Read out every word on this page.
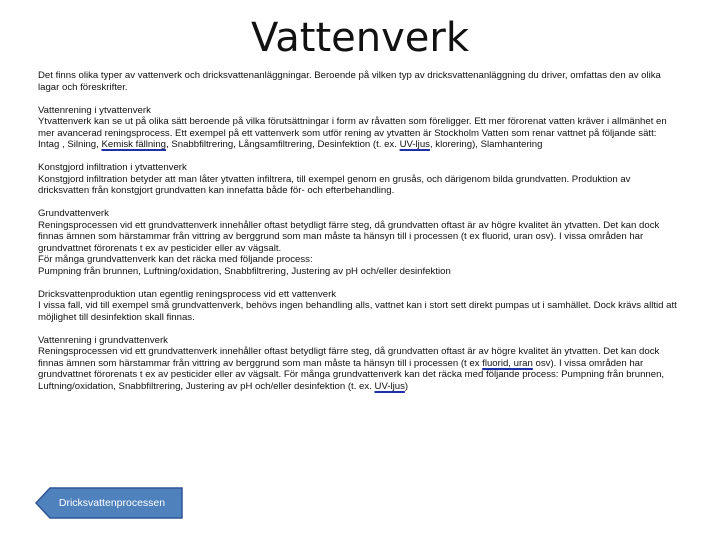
Vattenverk

Det finns olika typer av vattenverk och dricksvattenanläggningar. Beroende på vilken typ av dricksvattenanläggning du driver, omfattas den av olika lagar och föreskrifter.

Vattenrening i ytvattenverk

Ytvattenverk kan se ut på olika sätt beroende på vilka förutsättningar i form av råvatten som föreligger. Ett mer förorenat vatten kräver i allmänhet en mer avancerad reningsprocess. Ett exempel på ett vattenverk som utför rening av ytvatten är Stockholm Vatten som renar vattnet på följande sätt:

Intag , Silning, Kemisk fällning, Snabbfiltrering, Långsamfiltrering, Desinfektion (t. ex. UV-ljus, klorering), Slamhantering

Konstgjord infiltration i ytvattenverk

Konstgjord infiltration betyder att man låter ytvatten infiltrera, till exempel genom en grusås, och därigenom bilda grundvatten. Produktion av dricksvatten från konstgjort grundvatten kan innefatta både för- och efterbehandling.

Grundvattenverk

Reningsprocessen vid ett grundvattenverk innehåller oftast betydligt färre steg, då grundvatten oftast är av högre kvalitet än ytvatten. Det kan dock finnas ämnen som härstammar från vittring av berggrund som man måste ta hänsyn till i processen (t ex fluorid, uran osv). I vissa områden har grundvattnet förorenats t ex av pesticider eller av vägsalt.

För många grundvattenverk kan det räcka med följande process:

Pumpning från brunnen, Luftning/oxidation, Snabbfiltrering, Justering av pH och/eller desinfektion

Dricksvattenproduktion utan egentlig reningsprocess vid ett vattenverk

I vissa fall, vid till exempel små grundvattenverk, behövs ingen behandling alls, vattnet kan i stort sett direkt pumpas ut i samhället. Dock krävs alltid att möjlighet till desinfektion skall finnas.

Vattenrening i grundvattenverk

Reningsprocessen vid ett grundvattenverk innehåller oftast betydligt färre steg, då grundvatten oftast är av högre kvalitet än ytvatten. Det kan dock finnas ämnen som härstammar från vittring av berggrund som man måste ta hänsyn till i processen (t ex fluorid, uran osv). I vissa områden har grundvattnet förorenats t ex av pesticider eller av vägsalt. För många grundvattenverk kan det räcka med följande process: Pumpning från brunnen, Luftning/oxidation, Snabbfiltrering, Justering av pH och/eller desinfektion (t. ex. UV-ljus)

Dricksvattenprocessen
